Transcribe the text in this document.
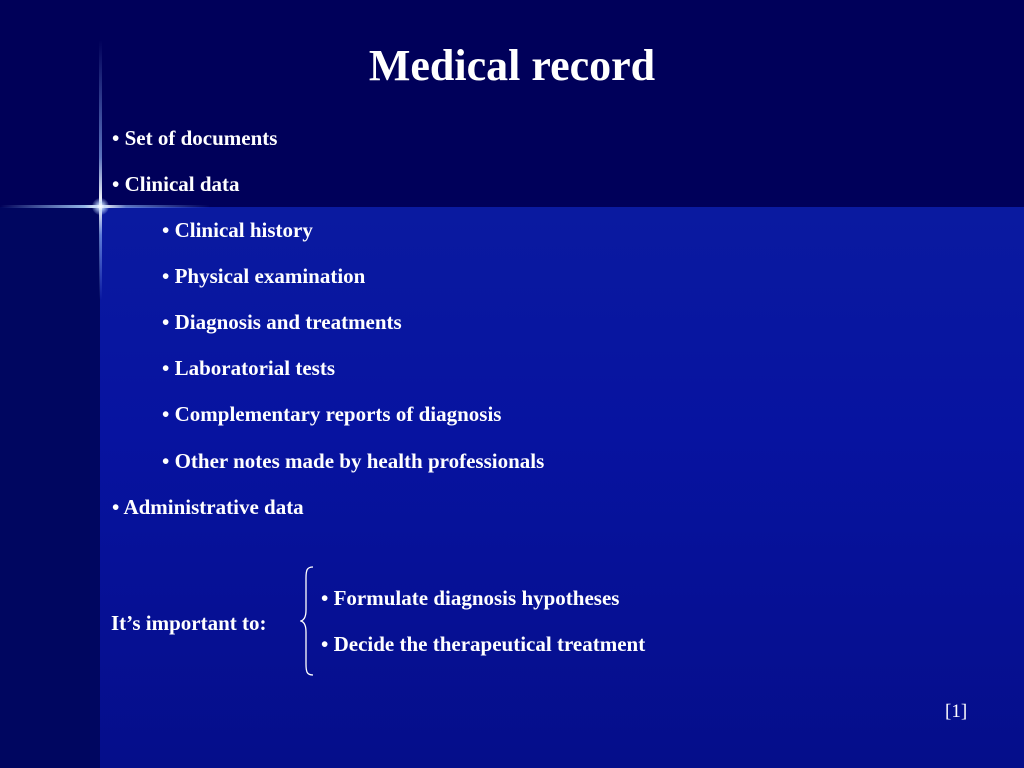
Medical record
• Set of documents
• Clinical data
• Clinical history
• Physical examination
• Diagnosis and treatments
• Laboratorial tests
• Complementary reports of diagnosis
• Other notes made by health professionals
• Administrative data
It’s important to:
• Formulate diagnosis hypotheses
• Decide the therapeutical treatment
[1]
